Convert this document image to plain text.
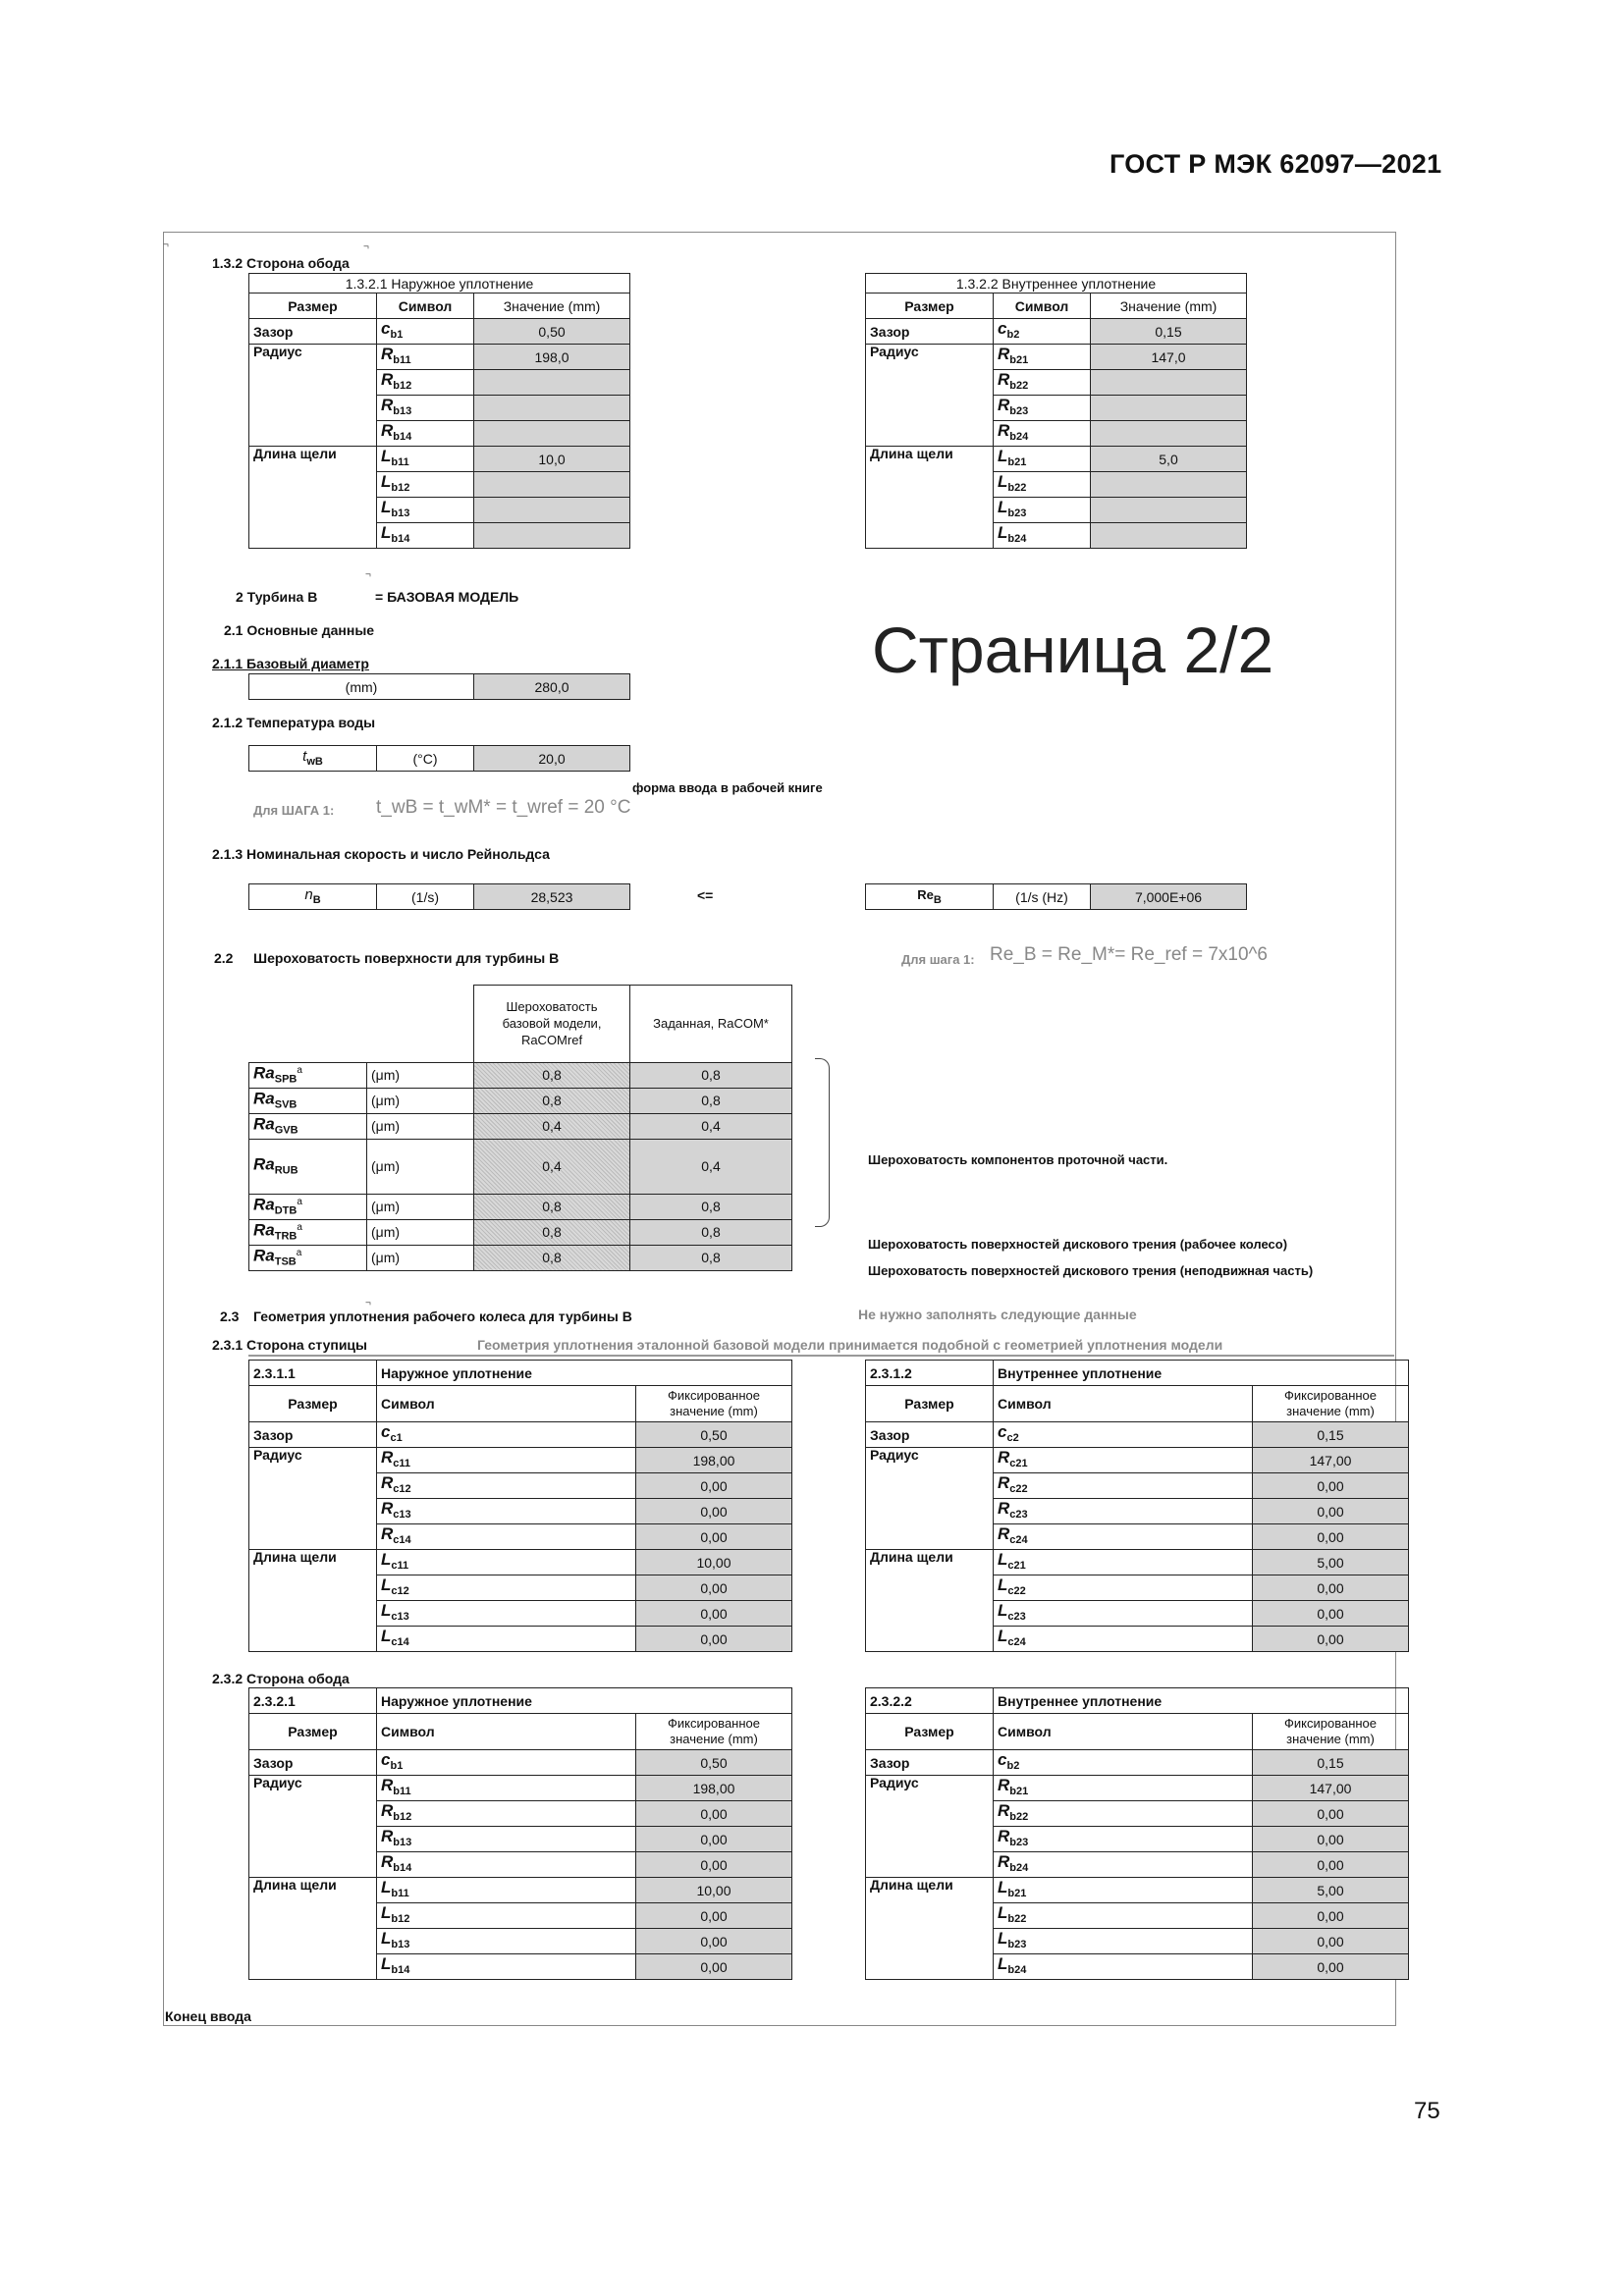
ГОСТ Р МЭК 62097—2021
75
¬	¬
1.3.2 Сторона обода
1.3.2.1 Наружное уплотнение		
Размер	Символ	Значение (mm)
Зазор	$c_{b1}$	0,50
Радиус	$R_{b11}$	198,0
	$R_{b12}$	
	$R_{b13}$	
	$R_{b14}$	
Длина щели	$L_{b11}$	10,0
	$L_{b12}$	
	$L_{b13}$	
	$L_{b14}$	
1.3.2.2 Внутреннее уплотнение		
Размер	Символ	Значение (mm)
Зазор	$c_{b2}$	0,15
Радиус	$R_{b21}$	147,0
	$R_{b22}$	
	$R_{b23}$	
	$R_{b24}$	
Длина щели	$L_{b21}$	5,0
	$L_{b22}$	
	$L_{b23}$	
	$L_{b24}$	
¬
2 Турбина B	= БАЗОВАЯ МОДЕЛЬ
2.1 Основные данные	Страница 2/2
2.1.1 Базовый диаметр
(mm)	280,0
2.1.2 Температура воды
$t_{wB}$	(°C)	20,0
форма ввода в рабочей книге
Для ШАГА 1: t_wB = t_wM* = t_wref = 20 °C
2.1.3 Номинальная скорость и число Рейнольдса
$n_B$	(1/s)	28,523	<=	$Re_B$	(1/s (Hz)	7,000E+06
2.2 Шероховатость поверхности для турбины B	Для шага 1: Re_B = Re_M*= Re_ref = 7x10^6
		Шероховатость
базовой модели,
RaCOMref	Заданная, RaCOM*
$Ra_{SPB}^a$	(μm)	0,8	0,8
$Ra_{SVB}$	(μm)	0,8	0,8
$Ra_{GVB}$	(μm)	0,4	0,4
$Ra_{RUB}$	(μm)	0,4	0,4
$Ra_{DTB}^a$	(μm)	0,8	0,8
$Ra_{TRB}^a$	(μm)	0,8	0,8
$Ra_{TSB}^a$	(μm)	0,8	0,8
Шероховатость компонентов проточной части.
Шероховатость поверхностей дискового трения (рабочее колесо)
Шероховатость поверхностей дискового трения (неподвижная часть)
¬
2.3 Геометрия уплотнения рабочего колеса для турбины B	Не нужно заполнять следующие данные
2.3.1 Сторона ступицы	Геометрия уплотнения эталонной базовой модели принимается подобной с геометрией уплотнения модели
2.3.1.1	Наружное уплотнение	
Размер	Символ	Фиксированное
значение (mm)
Зазор	$c_{c1}$	0,50
Радиус	$R_{c11}$	198,00
	$R_{c12}$	0,00
	$R_{c13}$	0,00
	$R_{c14}$	0,00
Длина щели	$L_{c11}$	10,00
	$L_{c12}$	0,00
	$L_{c13}$	0,00
	$L_{c14}$	0,00
2.3.1.2	Внутреннее уплотнение	
Размер	Символ	Фиксированное
значение (mm)
Зазор	$c_{c2}$	0,15
Радиус	$R_{c21}$	147,00
	$R_{c22}$	0,00
	$R_{c23}$	0,00
	$R_{c24}$	0,00
Длина щели	$L_{c21}$	5,00
	$L_{c22}$	0,00
	$L_{c23}$	0,00
	$L_{c24}$	0,00
2.3.2 Сторона обода
2.3.2.1	Наружное уплотнение	
Размер	Символ	Фиксированное
значение (mm)
Зазор	$c_{b1}$	0,50
Радиус	$R_{b11}$	198,00
	$R_{b12}$	0,00
	$R_{b13}$	0,00
	$R_{b14}$	0,00
Длина щели	$L_{b11}$	10,00
	$L_{b12}$	0,00
	$L_{b13}$	0,00
	$L_{b14}$	0,00
2.3.2.2	Внутреннее уплотнение	
Размер	Символ	Фиксированное
значение (mm)
Зазор	$c_{b2}$	0,15
Радиус	$R_{b21}$	147,00
	$R_{b22}$	0,00
	$R_{b23}$	0,00
	$R_{b24}$	0,00
Длина щели	$L_{b21}$	5,00
	$L_{b22}$	0,00
	$L_{b23}$	0,00
	$L_{b24}$	0,00
Конец ввода
